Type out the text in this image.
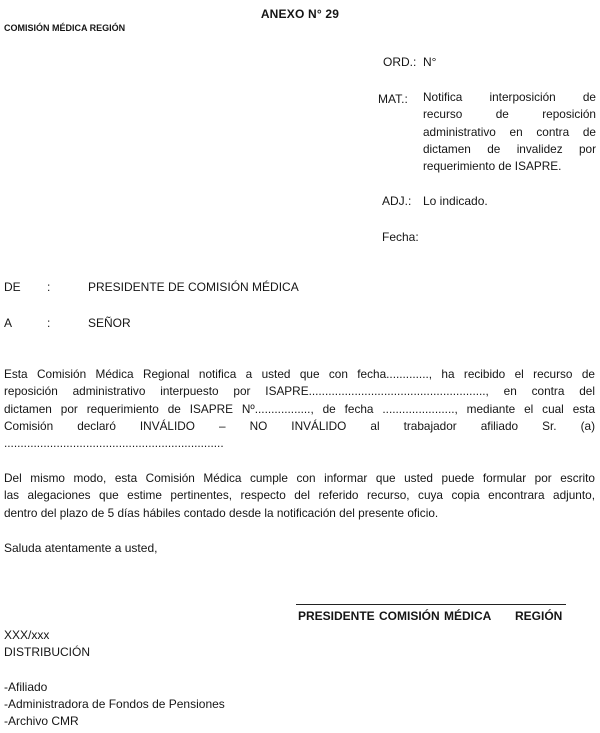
ANEXO N° 29
COMISIÓN MÉDICA REGIÓN
ORD.: N°
MAT.: Notifica interposición de
recurso de reposición
administrativo en contra de
dictamen de invalidez por
requerimiento de ISAPRE.
ADJ.: Lo indicado.
Fecha:
DE :	PRESIDENTE DE COMISIÓN MÉDICA
A	:	SEÑOR
Esta Comisión Médica Regional notifica a usted que con fecha............., ha recibido el recurso de
reposición administrativo interpuesto por ISAPRE......................................................, en contra del
dictamen por requerimiento de ISAPRE Nº................., de fecha ......................, mediante el cual esta
Comisión declaró INVÁLIDO – NO INVÁLIDO al trabajador afiliado Sr. (a)
...................................................................
Del mismo modo, esta Comisión Médica cumple con informar que usted puede formular por escrito
las alegaciones que estime pertinentes, respecto del referido recurso, cuya copia encontrara adjunto,
dentro del plazo de 5 días hábiles contado desde la notificación del presente oficio.
Saluda atentamente a usted,
PRESIDENTE COMISIÓN MÉDICA REGIÓN
XXX/xxx
DISTRIBUCIÓN
-Afiliado
-Administradora de Fondos de Pensiones
-Archivo CMR
